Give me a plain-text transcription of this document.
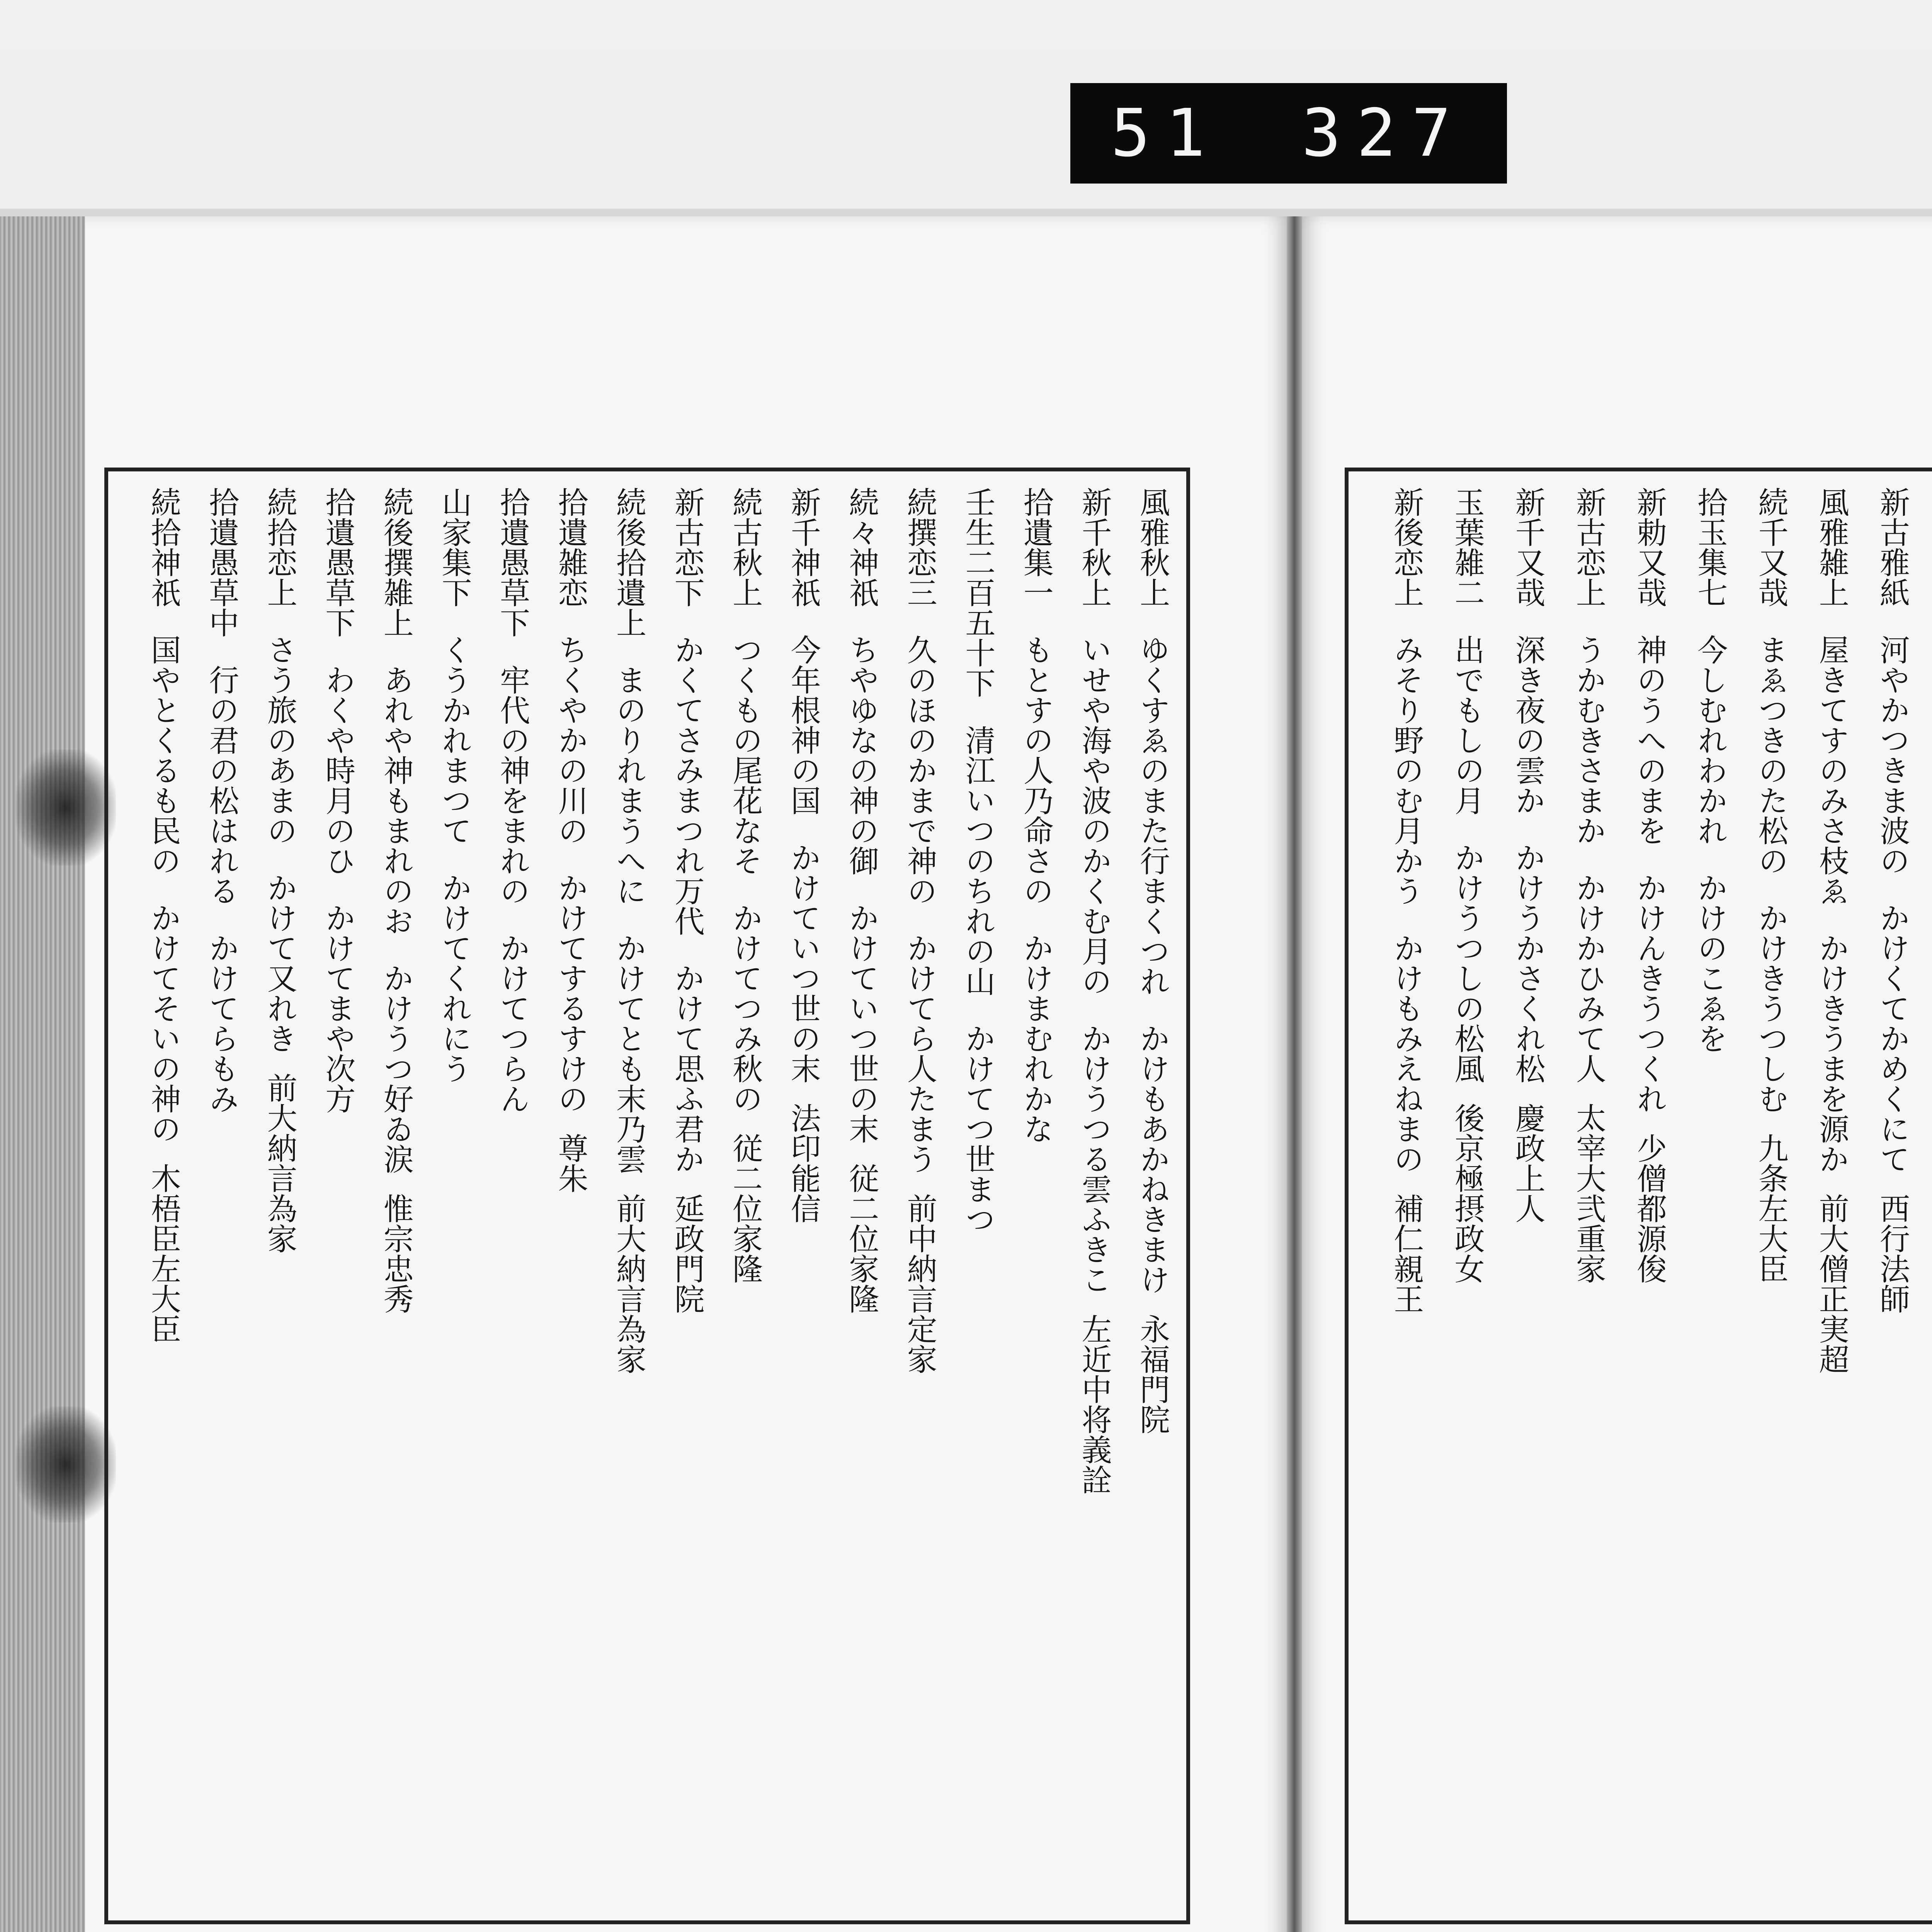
51 327
新古雅紙河やかつきま波のかけくてかめくにて西行法師
風雅雑上屋きてすのみさ枝ゑかけきうまを源か前大僧正実超
続千又哉まゑつきのた松のかけきうつしむ九条左大臣
拾玉集七今しむれわかれかけのこゑを
新勅又哉神のうへのまをかけんきうつくれ少僧都源俊
新古恋上うかむきさまかかけかひみて人太宰大弐重家
新千又哉深き夜の雲かかけうかさくれ松慶政上人
玉葉雑二出でもしの月かけうつしの松風後京極摂政女
新後恋上みそり野のむ月かうかけもみえねまの補仁親王
風雅秋上ゆくすゑのまた行まくつれかけもあかねきまけ永福門院
新千秋上いせや海や波のかくむ月のかけうつる雲ふきこ左近中将義詮
拾遺集一もとすの人乃命さのかけまむれかな
壬生二百五十下清江いつのちれの山かけてつ世まつ
続撰恋三久のほのかまで神のかけてら人たまう前中納言定家
続々神祇ちやゆなの神の御かけていつ世の末従二位家隆
新千神祇今年根神の国かけていつ世の末法印能信
続古秋上つくもの尾花なそかけてつみ秋の従二位家隆
新古恋下かくてさみまつれ万代かけて思ふ君か延政門院
続後拾遺上まのりれまうへにかけてとも末乃雲前大納言為家
拾遺雑恋ちくやかの川のかけてするすけの尊朱
拾遺愚草下牢代の神をまれのかけてつらん
山家集下くうかれまつてかけてくれにう
続後撰雑上あれや神もまれのおかけうつ好ゐ涙惟宗忠秀
拾遺愚草下わくや時月のひかけてまや次方
続拾恋上さう旅のあまのかけて又れき前大納言為家
拾遺愚草中行の君の松はれるかけてらもみ
続拾神祇国やとくるも民のかけてそいの神の木梧臣左大臣
